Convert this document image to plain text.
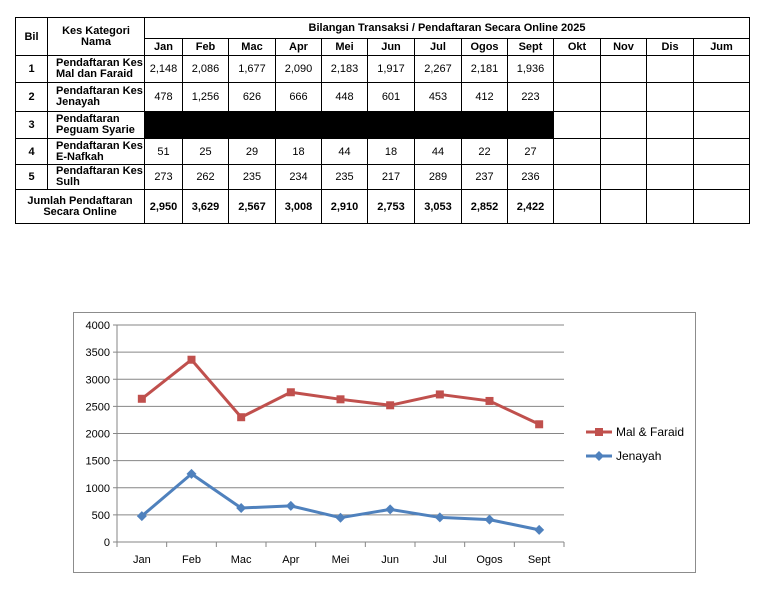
Bil	Kes Kategori Nama	Bilangan Transaksi / Pendaftaran Secara Online 2025												
		Jan	Feb	Mac	Apr	Mei	Jun	Jul	Ogos	Sept	Okt	Nov	Dis	Jum
1	Pendaftaran Kes Mal dan Faraid	2,148	2,086	1,677	2,090	2,183	1,917	2,267	2,181	1,936				
2	Pendaftaran Kes Jenayah	478	1,256	626	666	448	601	453	412	223				
3	Pendaftaran Peguam Syarie													
4	Pendaftaran Kes E-Nafkah	51	25	29	18	44	18	44	22	27				
5	Pendaftaran Kes Sulh	273	262	235	234	235	217	289	237	236				
Jumlah Pendaftaran Secara Online		2,950	3,629	2,567	3,008	2,910	2,753	3,053	2,852	2,422				
0
500
1000
1500
2000
2500
3000
3500
4000
Jan	Feb	Mac	Apr	Mei	Jun	Jul	Ogos Sept
Mal & Faraid
Jenayah
